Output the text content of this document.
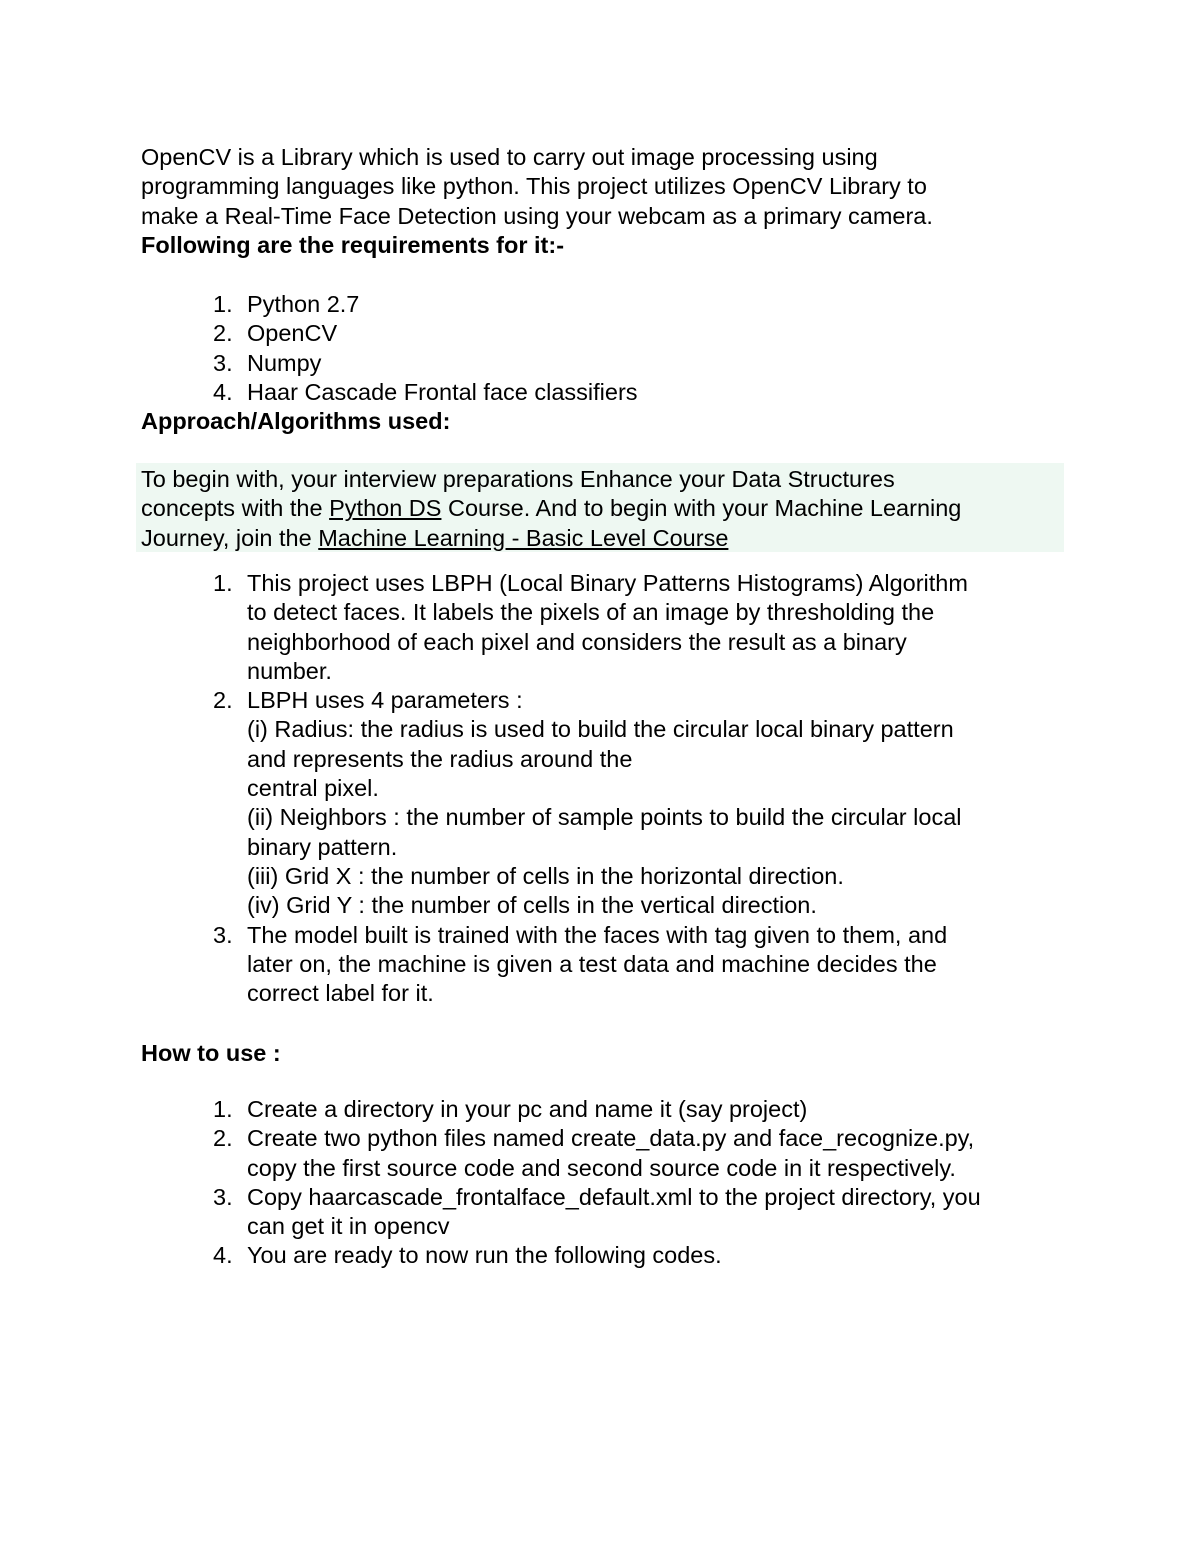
OpenCV is a Library which is used to carry out image processing using
programming languages like python. This project utilizes OpenCV Library to
make a Real-Time Face Detection using your webcam as a primary camera.
Following are the requirements for it:-
1. Python 2.7
2. OpenCV
3. Numpy
4. Haar Cascade Frontal face classifiers
Approach/Algorithms used:
To begin with, your interview preparations Enhance your Data Structures
concepts with the Python DS Course. And to begin with your Machine Learning
Journey, join the Machine Learning - Basic Level Course
1. This project uses LBPH (Local Binary Patterns Histograms) Algorithm
to detect faces. It labels the pixels of an image by thresholding the
neighborhood of each pixel and considers the result as a binary
number.
2. LBPH uses 4 parameters :
(i) Radius: the radius is used to build the circular local binary pattern
and represents the radius around the
central pixel.
(ii) Neighbors : the number of sample points to build the circular local
binary pattern.
(iii) Grid X : the number of cells in the horizontal direction.
(iv) Grid Y : the number of cells in the vertical direction.
3. The model built is trained with the faces with tag given to them, and
later on, the machine is given a test data and machine decides the
correct label for it.
How to use :
1. Create a directory in your pc and name it (say project)
2. Create two python files named create_data.py and face_recognize.py,
copy the first source code and second source code in it respectively.
3. Copy haarcascade_frontalface_default.xml to the project directory, you
can get it in opencv
4. You are ready to now run the following codes.
